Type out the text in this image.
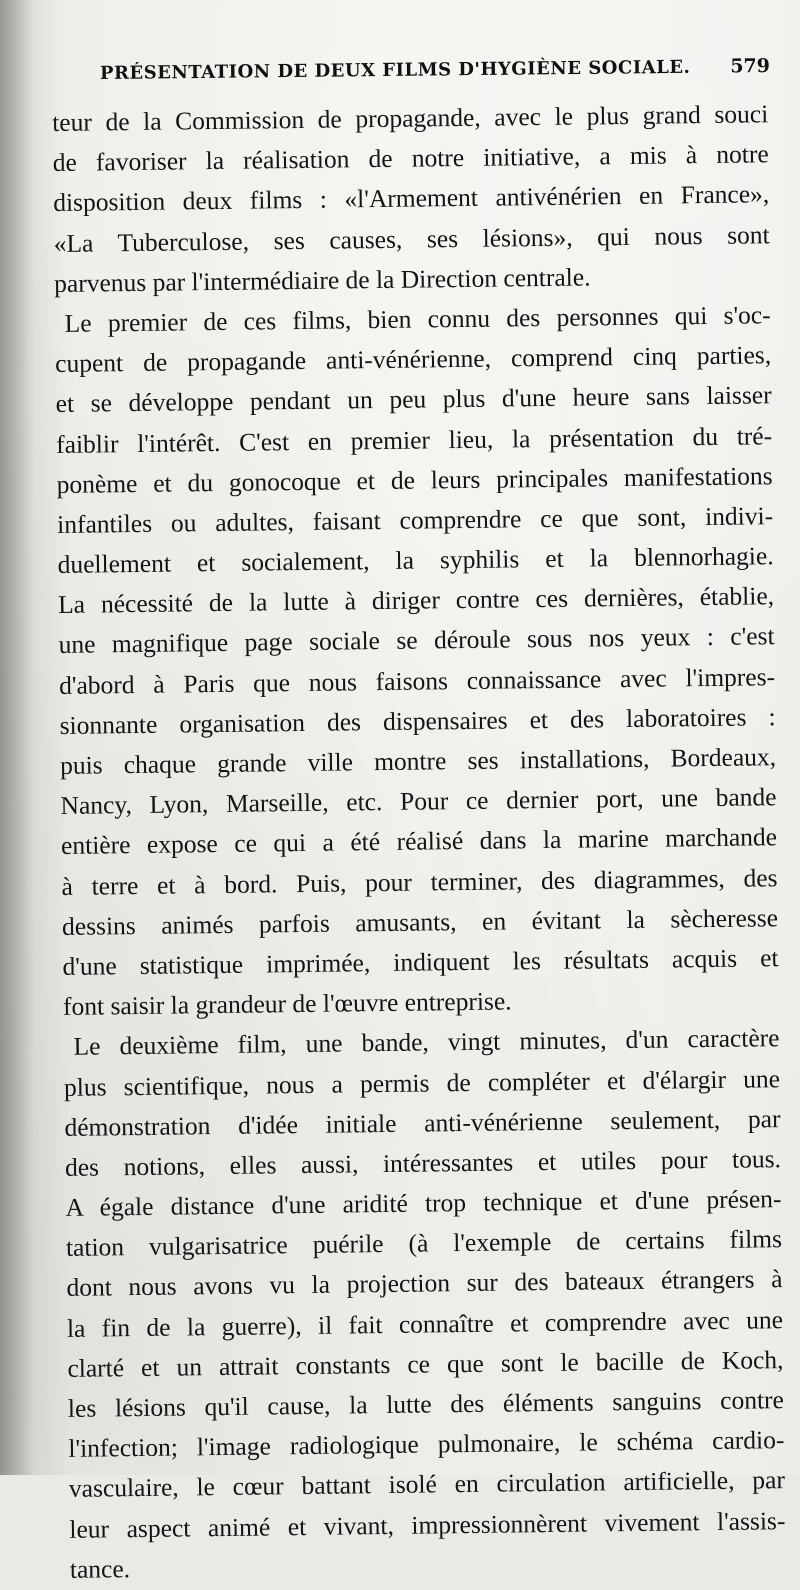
PRÉSENTATION DE DEUX FILMS D'HYGIÈNE SOCIALE. 579
teur de la Commission de propagande, avec le plus grand souci
de favoriser la réalisation de notre initiative, a mis à notre
disposition deux films : «l'Armement antivénérien en France»,
«La Tuberculose, ses causes, ses lésions», qui nous sont
parvenus par l'intermédiaire de la Direction centrale.
Le premier de ces films, bien connu des personnes qui s'oc-
cupent de propagande anti-vénérienne, comprend cinq parties,
et se développe pendant un peu plus d'une heure sans laisser
faiblir l'intérêt. C'est en premier lieu, la présentation du tré-
ponème et du gonocoque et de leurs principales manifestations
infantiles ou adultes, faisant comprendre ce que sont, indivi-
duellement et socialement, la syphilis et la blennorhagie.
La nécessité de la lutte à diriger contre ces dernières, établie,
une magnifique page sociale se déroule sous nos yeux : c'est
d'abord à Paris que nous faisons connaissance avec l'impres-
sionnante organisation des dispensaires et des laboratoires :
puis chaque grande ville montre ses installations, Bordeaux,
Nancy, Lyon, Marseille, etc. Pour ce dernier port, une bande
entière expose ce qui a été réalisé dans la marine marchande
à terre et à bord. Puis, pour terminer, des diagrammes, des
dessins animés parfois amusants, en évitant la sècheresse
d'une statistique imprimée, indiquent les résultats acquis et
font saisir la grandeur de l'œuvre entreprise.
Le deuxième film, une bande, vingt minutes, d'un caractère
plus scientifique, nous a permis de compléter et d'élargir une
démonstration d'idée initiale anti-vénérienne seulement, par
des notions, elles aussi, intéressantes et utiles pour tous.
A égale distance d'une aridité trop technique et d'une présen-
tation vulgarisatrice puérile (à l'exemple de certains films
dont nous avons vu la projection sur des bateaux étrangers à
la fin de la guerre), il fait connaître et comprendre avec une
clarté et un attrait constants ce que sont le bacille de Koch,
les lésions qu'il cause, la lutte des éléments sanguins contre
l'infection; l'image radiologique pulmonaire, le schéma cardio-
vasculaire, le cœur battant isolé en circulation artificielle, par
leur aspect animé et vivant, impressionnèrent vivement l'assis-
tance.
